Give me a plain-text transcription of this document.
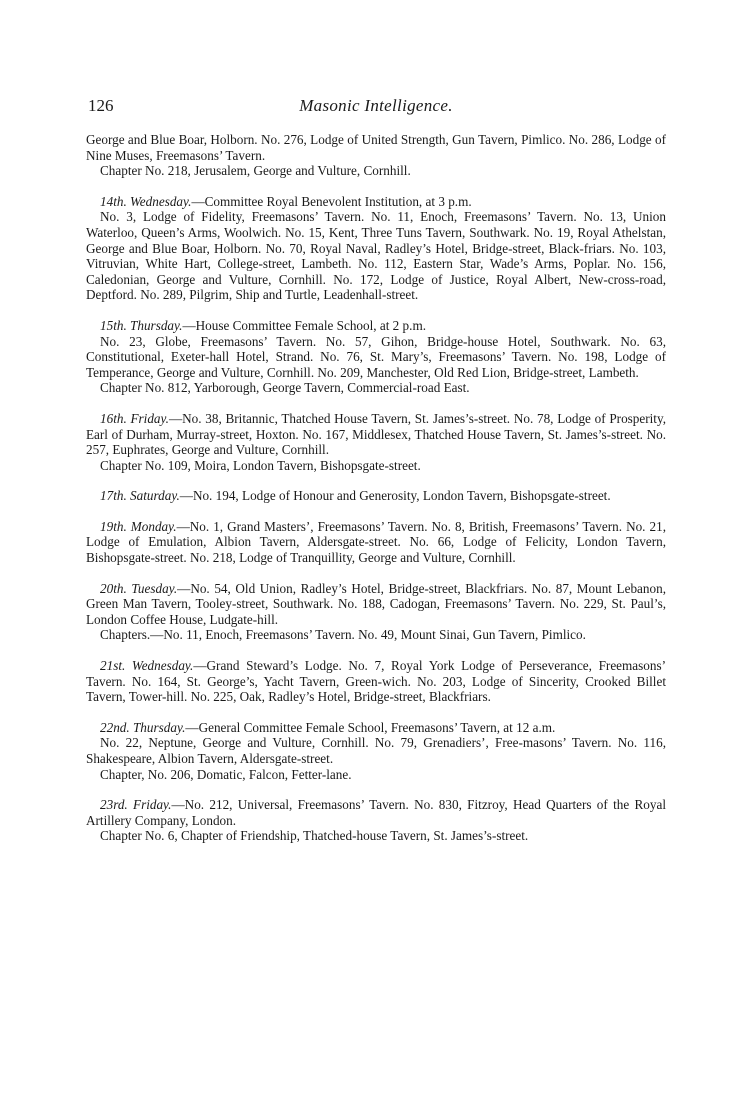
126	Masonic Intelligence.

George and Blue Boar, Holborn. No. 276, Lodge of United Strength, Gun Tavern, Pimlico. No. 286, Lodge of Nine Muses, Freemasons’ Tavern.

Chapter No. 218, Jerusalem, George and Vulture, Cornhill.

14th. Wednesday.—Committee Royal Benevolent Institution, at 3 p.m.

No. 3, Lodge of Fidelity, Freemasons’ Tavern. No. 11, Enoch, Freemasons’ Tavern. No. 13, Union Waterloo, Queen’s Arms, Woolwich. No. 15, Kent, Three Tuns Tavern, Southwark. No. 19, Royal Athelstan, George and Blue Boar, Holborn. No. 70, Royal Naval, Radley’s Hotel, Bridge-street, Black-friars. No. 103, Vitruvian, White Hart, College-street, Lambeth. No. 112, Eastern Star, Wade’s Arms, Poplar. No. 156, Caledonian, George and Vulture, Cornhill. No. 172, Lodge of Justice, Royal Albert, New-cross-road, Deptford. No. 289, Pilgrim, Ship and Turtle, Leadenhall-street.

15th. Thursday.—House Committee Female School, at 2 p.m.

No. 23, Globe, Freemasons’ Tavern. No. 57, Gihon, Bridge-house Hotel, Southwark. No. 63, Constitutional, Exeter-hall Hotel, Strand. No. 76, St. Mary’s, Freemasons’ Tavern. No. 198, Lodge of Temperance, George and Vulture, Cornhill. No. 209, Manchester, Old Red Lion, Bridge-street, Lambeth.

Chapter No. 812, Yarborough, George Tavern, Commercial-road East.

16th. Friday.—No. 38, Britannic, Thatched House Tavern, St. James’s-street. No. 78, Lodge of Prosperity, Earl of Durham, Murray-street, Hoxton. No. 167, Middlesex, Thatched House Tavern, St. James’s-street. No. 257, Euphrates, George and Vulture, Cornhill.

Chapter No. 109, Moira, London Tavern, Bishopsgate-street.

17th. Saturday.—No. 194, Lodge of Honour and Generosity, London Tavern, Bishopsgate-street.

19th. Monday.—No. 1, Grand Masters’, Freemasons’ Tavern. No. 8, British, Freemasons’ Tavern. No. 21, Lodge of Emulation, Albion Tavern, Aldersgate-street. No. 66, Lodge of Felicity, London Tavern, Bishopsgate-street. No. 218, Lodge of Tranquillity, George and Vulture, Cornhill.

20th. Tuesday.—No. 54, Old Union, Radley’s Hotel, Bridge-street, Blackfriars. No. 87, Mount Lebanon, Green Man Tavern, Tooley-street, Southwark. No. 188, Cadogan, Freemasons’ Tavern. No. 229, St. Paul’s, London Coffee House, Ludgate-hill.

Chapters.—No. 11, Enoch, Freemasons’ Tavern. No. 49, Mount Sinai, Gun Tavern, Pimlico.

21st. Wednesday.—Grand Steward’s Lodge. No. 7, Royal York Lodge of Perseverance, Freemasons’ Tavern. No. 164, St. George’s, Yacht Tavern, Green-wich. No. 203, Lodge of Sincerity, Crooked Billet Tavern, Tower-hill. No. 225, Oak, Radley’s Hotel, Bridge-street, Blackfriars.

22nd. Thursday.—General Committee Female School, Freemasons’ Tavern, at 12 a.m.

No. 22, Neptune, George and Vulture, Cornhill. No. 79, Grenadiers’, Free-masons’ Tavern. No. 116, Shakespeare, Albion Tavern, Aldersgate-street.

Chapter, No. 206, Domatic, Falcon, Fetter-lane.

23rd. Friday.—No. 212, Universal, Freemasons’ Tavern. No. 830, Fitzroy, Head Quarters of the Royal Artillery Company, London.

Chapter No. 6, Chapter of Friendship, Thatched-house Tavern, St. James’s-street.
